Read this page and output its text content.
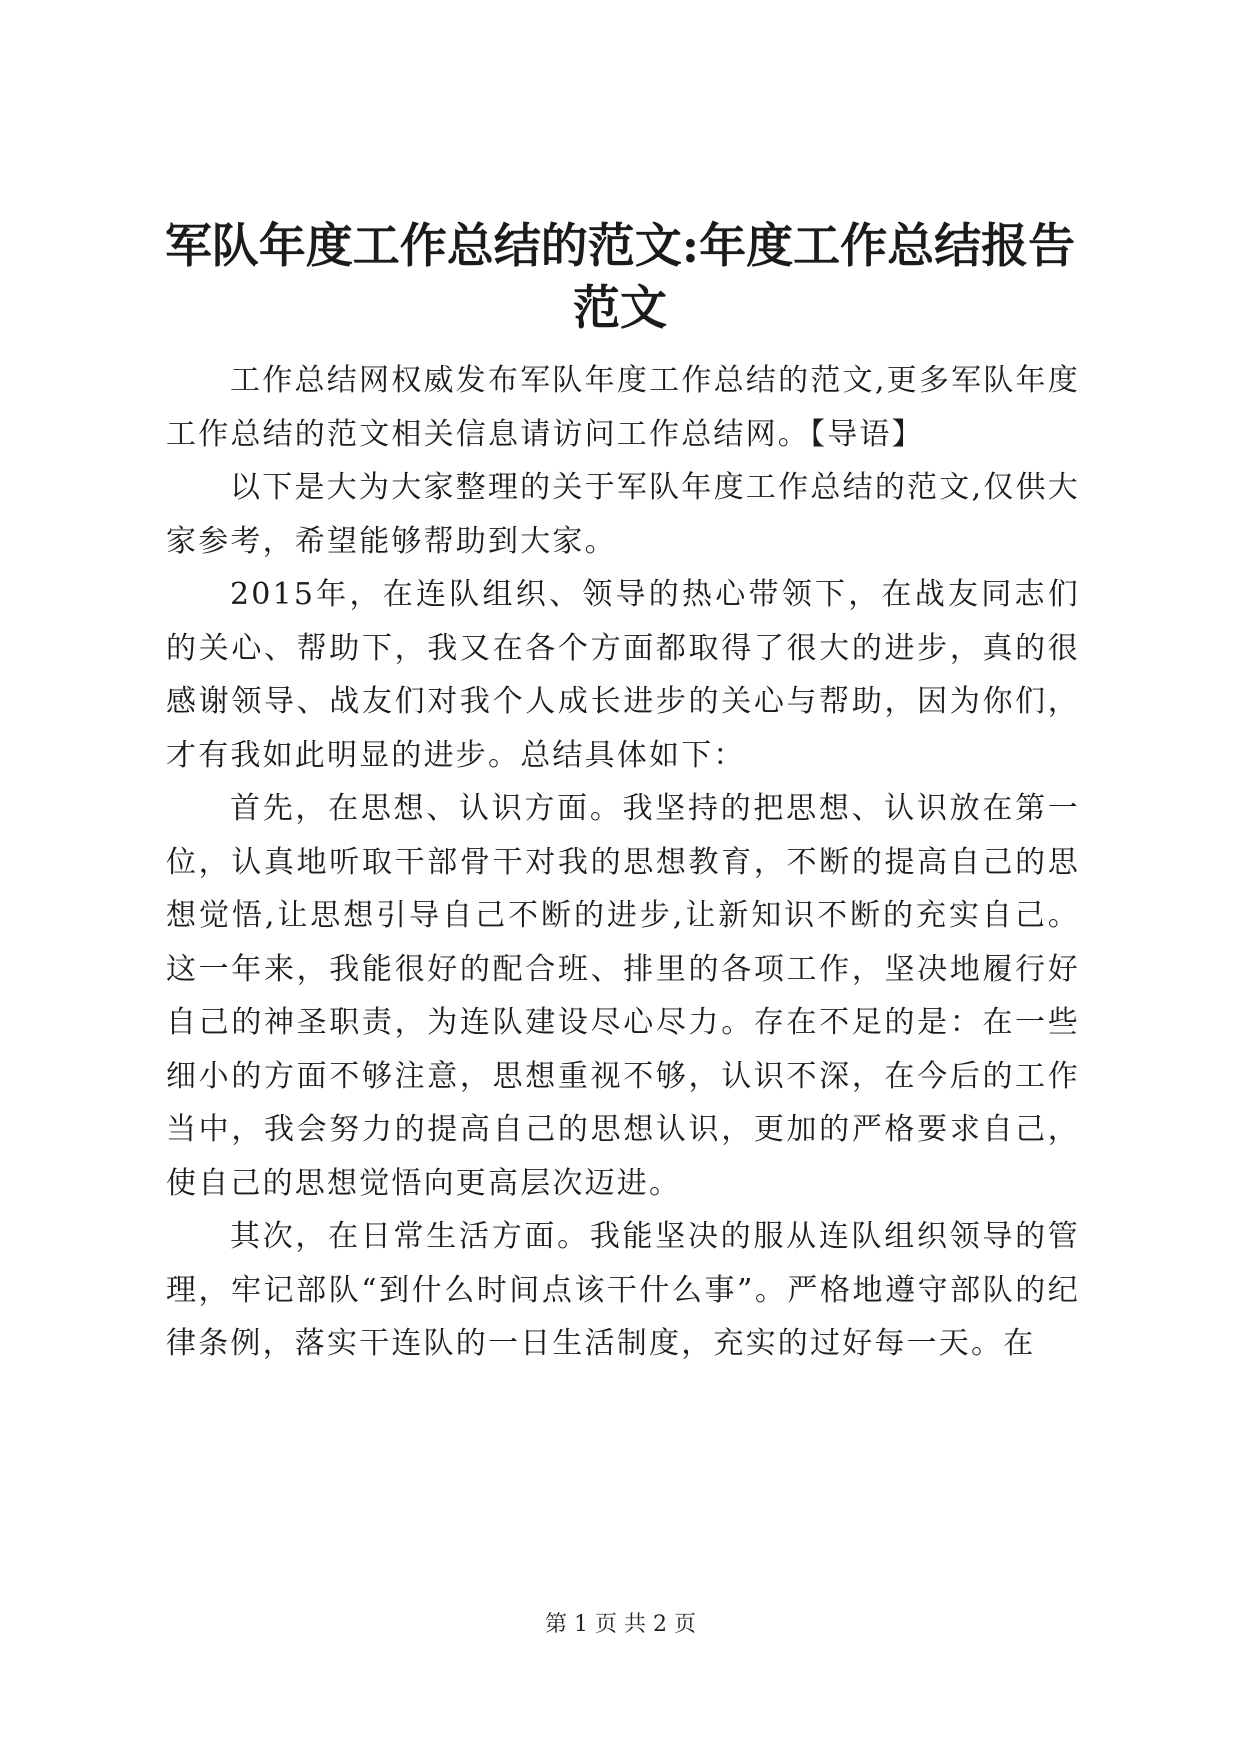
军队年度工作总结的范文:年度工作总结报告范文

工作总结网权威发布军队年度工作总结的范文,更多军队年度工作总结的范文相关信息请访问工作总结网。【导语】

以下是大为大家整理的关于军队年度工作总结的范文,仅供大家参考，希望能够帮助到大家。

2015年，在连队组织、领导的热心带领下，在战友同志们的关心、帮助下，我又在各个方面都取得了很大的进步，真的很感谢领导、战友们对我个人成长进步的关心与帮助，因为你们，才有我如此明显的进步。总结具体如下：

首先，在思想、认识方面。我坚持的把思想、认识放在第一位，认真地听取干部骨干对我的思想教育，不断的提高自己的思想觉悟,让思想引导自己不断的进步,让新知识不断的充实自己。这一年来，我能很好的配合班、排里的各项工作，坚决地履行好自己的神圣职责，为连队建设尽心尽力。存在不足的是：在一些细小的方面不够注意，思想重视不够，认识不深，在今后的工作当中，我会努力的提高自己的思想认识，更加的严格要求自己，使自己的思想觉悟向更高层次迈进。

其次，在日常生活方面。我能坚决的服从连队组织领导的管理，牢记部队“到什么时间点该干什么事”。严格地遵守部队的纪律条例，落实干连队的一日生活制度，充实的过好每一天。在

第 1 页 共 2 页
